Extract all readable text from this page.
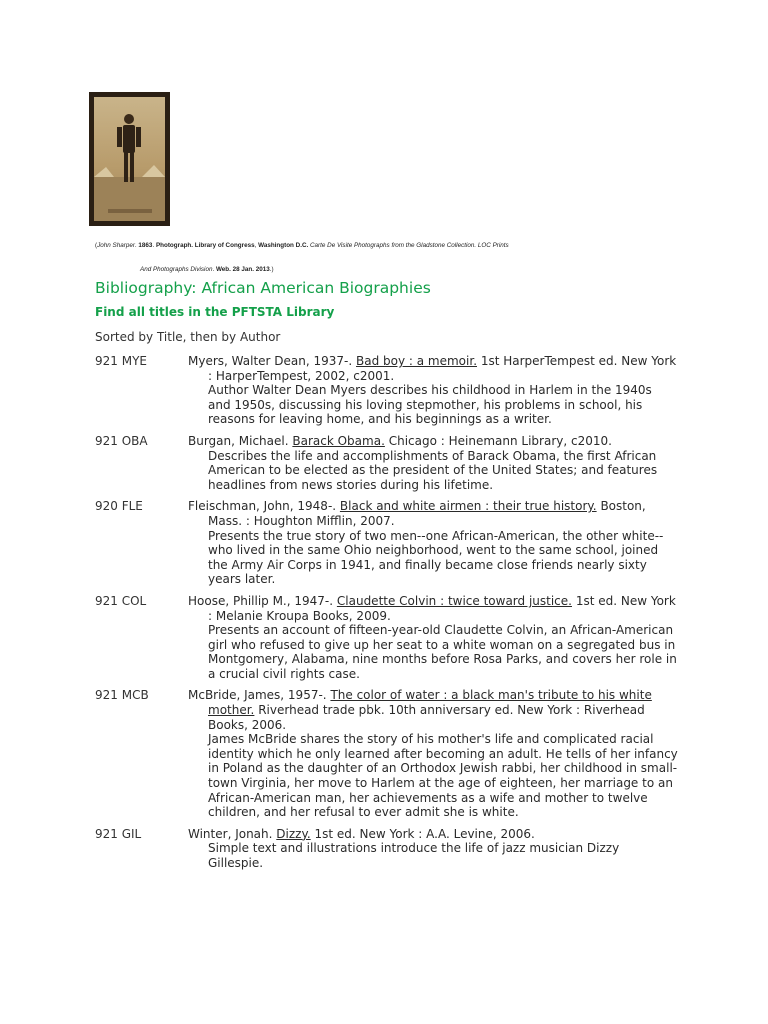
(John Sharper. 1863. Photograph. Library of Congress, Washington D.C. Carte De Visite Photographs from the Gladstone Collection. LOC Prints
And Photographs Division. Web. 28 Jan. 2013.)
Bibliography: African American Biographies
Find all titles in the PFTSTA Library
Sorted by Title, then by Author
921 MYE	Myers, Walter Dean, 1937-. Bad boy : a memoir. 1st HarperTempest ed. New York : HarperTempest, 2002, c2001.
Author Walter Dean Myers describes his childhood in Harlem in the 1940s and 1950s, discussing his loving stepmother, his problems in school, his reasons for leaving home, and his beginnings as a writer.
921 OBA	Burgan, Michael. Barack Obama. Chicago : Heinemann Library, c2010.
Describes the life and accomplishments of Barack Obama, the first African American to be elected as the president of the United States; and features headlines from news stories during his lifetime.
920 FLE	Fleischman, John, 1948-. Black and white airmen : their true history. Boston, Mass. : Houghton Mifflin, 2007.
Presents the true story of two men--one African-American, the other white--who lived in the same Ohio neighborhood, went to the same school, joined the Army Air Corps in 1941, and finally became close friends nearly sixty years later.
921 COL	Hoose, Phillip M., 1947-. Claudette Colvin : twice toward justice. 1st ed. New York : Melanie Kroupa Books, 2009.
Presents an account of fifteen-year-old Claudette Colvin, an African-American girl who refused to give up her seat to a white woman on a segregated bus in Montgomery, Alabama, nine months before Rosa Parks, and covers her role in a crucial civil rights case.
921 MCB	McBride, James, 1957-. The color of water : a black man's tribute to his white mother. Riverhead trade pbk. 10th anniversary ed. New York : Riverhead Books, 2006.
James McBride shares the story of his mother's life and complicated racial identity which he only learned after becoming an adult. He tells of her infancy in Poland as the daughter of an Orthodox Jewish rabbi, her childhood in small-town Virginia, her move to Harlem at the age of eighteen, her marriage to an African-American man, her achievements as a wife and mother to twelve children, and her refusal to ever admit she is white.
921 GIL	Winter, Jonah. Dizzy. 1st ed. New York : A.A. Levine, 2006.
Simple text and illustrations introduce the life of jazz musician Dizzy Gillespie.
